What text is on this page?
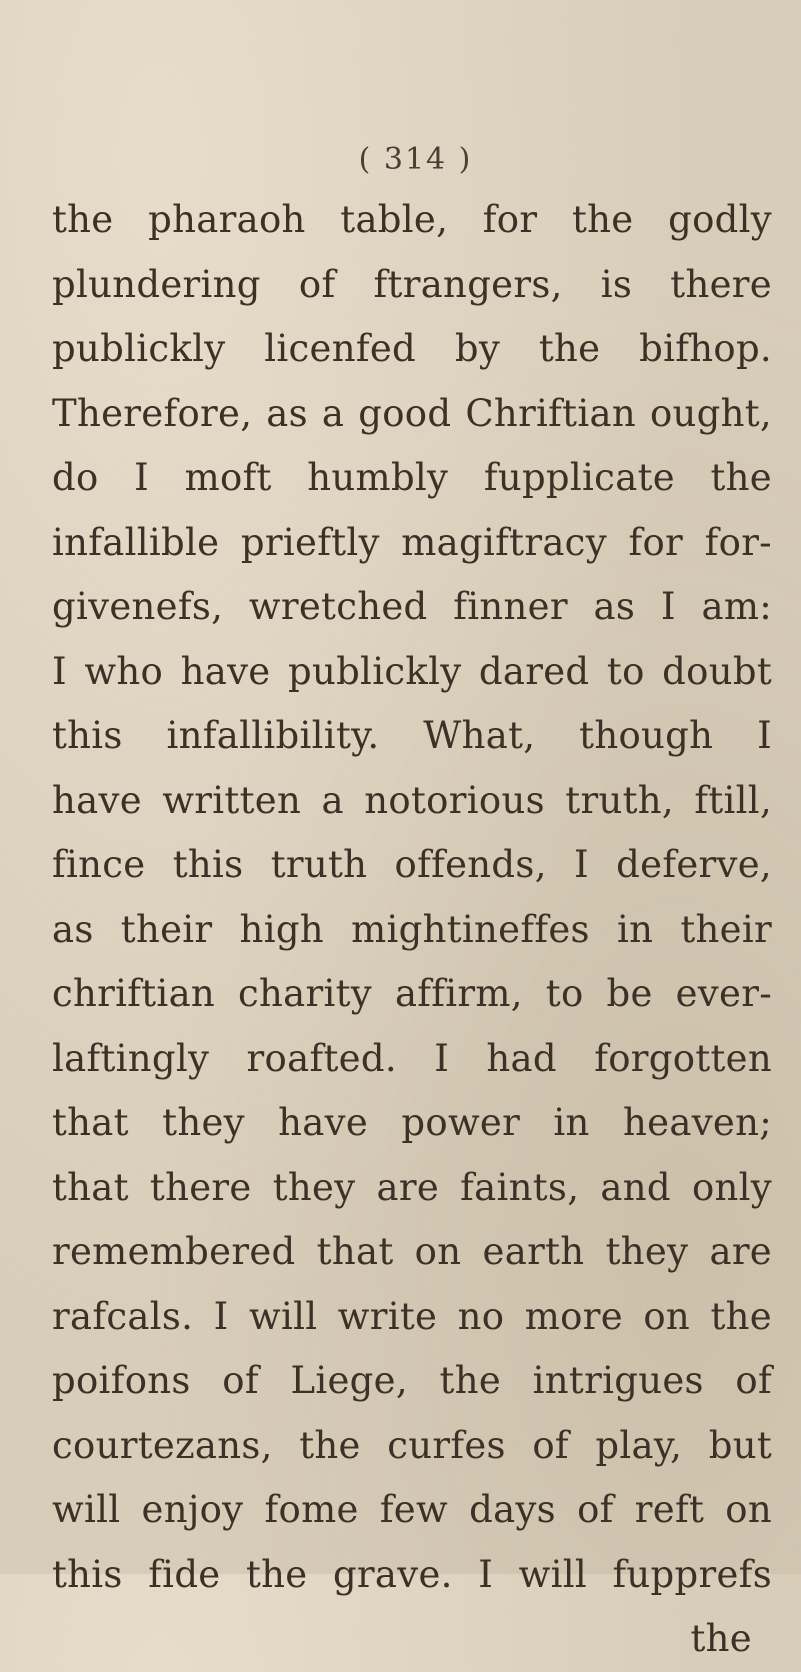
( 314 )
the pharaoh table, for the godly
plundering of ftrangers, is there
publickly licenfed by the bifhop.
Therefore, as a good Chriftian ought,
do I moft humbly fupplicate the
infallible prieftly magiftracy for for-
givenefs, wretched finner as I am:
I who have publickly dared to doubt
this infallibility. What, though I
have written a notorious truth, ftill,
fince this truth offends, I deferve,
as their high mightineffes in their
chriftian charity affirm, to be ever-
laftingly roafted. I had forgotten
that they have power in heaven;
that there they are faints, and only
remembered that on earth they are
rafcals. I will write no more on the
poifons of Liege, the intrigues of
courtezans, the curfes of play, but
will enjoy fome few days of reft on
this fide the grave. I will fupprefs
the
